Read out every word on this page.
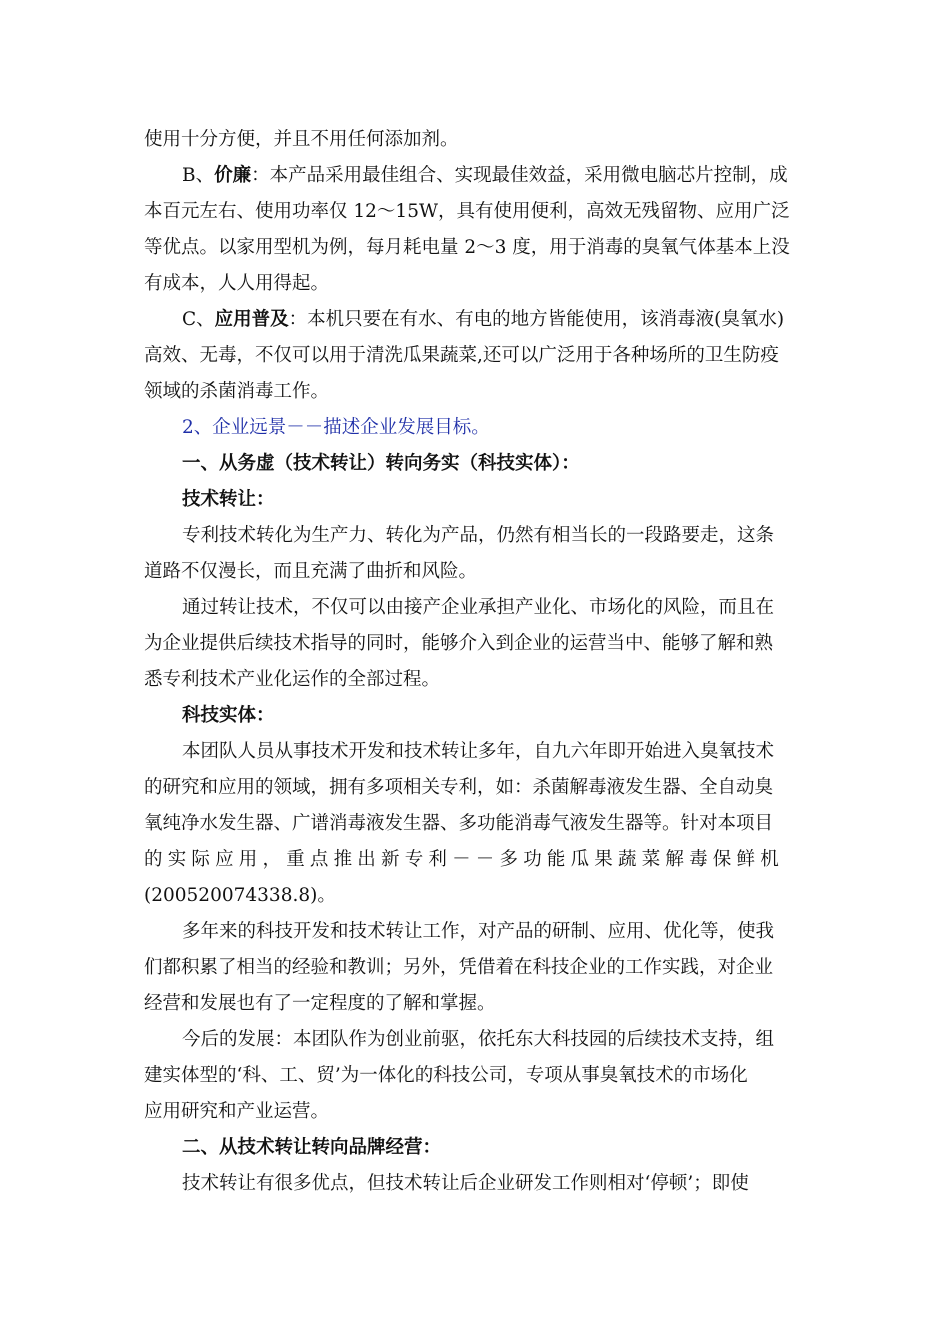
使用十分方便，并且不用任何添加剂。
B、价廉：本产品采用最佳组合、实现最佳效益，采用微电脑芯片控制，成
本百元左右、使用功率仅 12～15W，具有使用便利，高效无残留物、应用广泛
等优点。以家用型机为例，每月耗电量 2～3 度，用于消毒的臭氧气体基本上没
有成本，人人用得起。
C、应用普及：本机只要在有水、有电的地方皆能使用，该消毒液(臭氧水)
高效、无毒，不仅可以用于清洗瓜果蔬菜,还可以广泛用于各种场所的卫生防疫
领域的杀菌消毒工作。
2、企业远景－－描述企业发展目标。
一、从务虚（技术转让）转向务实（科技实体）：
技术转让：
专利技术转化为生产力、转化为产品，仍然有相当长的一段路要走，这条
道路不仅漫长，而且充满了曲折和风险。
通过转让技术，不仅可以由接产企业承担产业化、市场化的风险，而且在
为企业提供后续技术指导的同时，能够介入到企业的运营当中、能够了解和熟
悉专利技术产业化运作的全部过程。
科技实体：
本团队人员从事技术开发和技术转让多年，自九六年即开始进入臭氧技术
的研究和应用的领域，拥有多项相关专利，如：杀菌解毒液发生器、全自动臭
氧纯净水发生器、广谱消毒液发生器、多功能消毒气液发生器等。针对本项目
的实际应用，重点推出新专利－－多功能瓜果蔬菜解毒保鲜机
(200520074338.8)。
多年来的科技开发和技术转让工作，对产品的研制、应用、优化等，使我
们都积累了相当的经验和教训；另外，凭借着在科技企业的工作实践，对企业
经营和发展也有了一定程度的了解和掌握。
今后的发展：本团队作为创业前驱，依托东大科技园的后续技术支持，组
建实体型的‘科、工、贸’为一体化的科技公司，专项从事臭氧技术的市场化
应用研究和产业运营。
二、从技术转让转向品牌经营：
技术转让有很多优点，但技术转让后企业研发工作则相对‘停顿’；即使
